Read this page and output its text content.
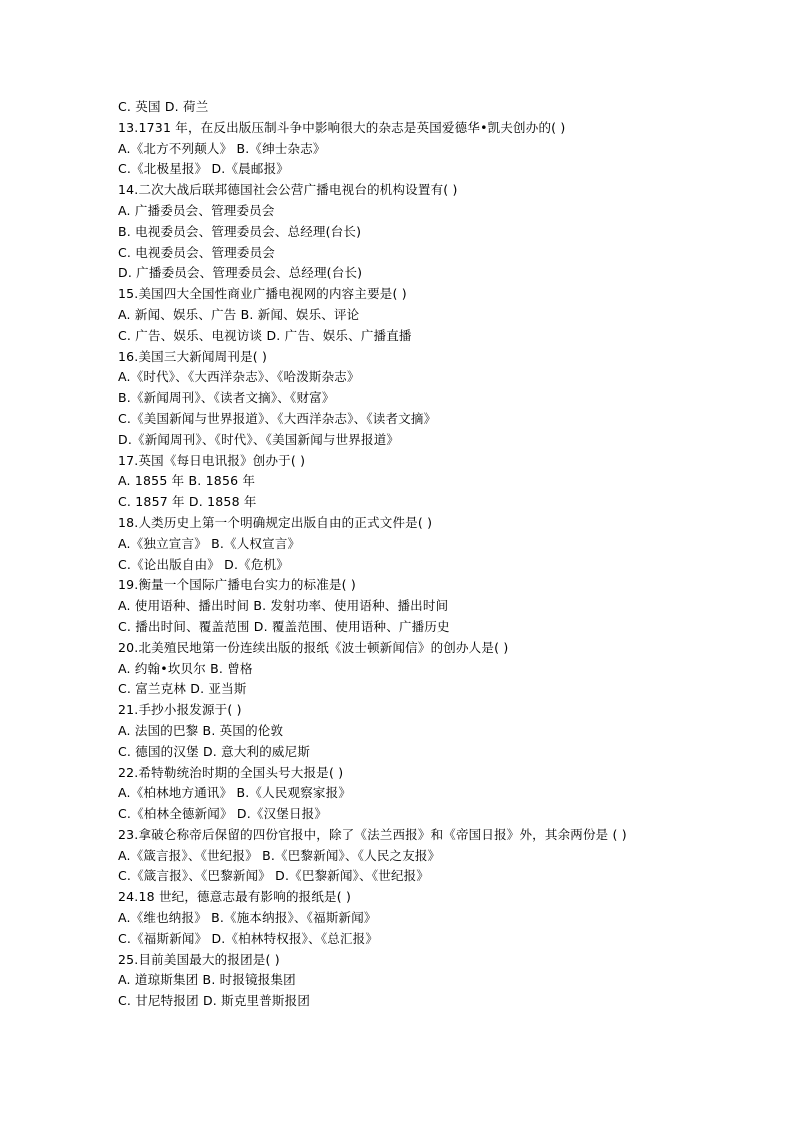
C. 英国 D. 荷兰
13.1731 年，在反出版压制斗争中影响很大的杂志是英国爱德华•凯夫创办的( )
A.《北方不列颠人》 B.《绅士杂志》
C.《北极星报》 D.《晨邮报》
14.二次大战后联邦德国社会公营广播电视台的机构设置有( )
A. 广播委员会、管理委员会
B. 电视委员会、管理委员会、总经理(台长)
C. 电视委员会、管理委员会
D. 广播委员会、管理委员会、总经理(台长)
15.美国四大全国性商业广播电视网的内容主要是( )
A. 新闻、娱乐、广告 B. 新闻、娱乐、评论
C. 广告、娱乐、电视访谈 D. 广告、娱乐、广播直播
16.美国三大新闻周刊是( )
A.《时代》、《大西洋杂志》、《哈泼斯杂志》
B.《新闻周刊》、《读者文摘》、《财富》
C.《美国新闻与世界报道》、《大西洋杂志》、《读者文摘》
D.《新闻周刊》、《时代》、《美国新闻与世界报道》
17.英国《每日电讯报》创办于( )
A. 1855 年 B. 1856 年
C. 1857 年 D. 1858 年
18.人类历史上第一个明确规定出版自由的正式文件是( )
A.《独立宣言》 B.《人权宣言》
C.《论出版自由》 D.《危机》
19.衡量一个国际广播电台实力的标准是( )
A. 使用语种、播出时间 B. 发射功率、使用语种、播出时间
C. 播出时间、覆盖范围 D. 覆盖范围、使用语种、广播历史
20.北美殖民地第一份连续出版的报纸《波士顿新闻信》的创办人是( )
A. 约翰•坎贝尔 B. 曾格
C. 富兰克林 D. 亚当斯
21.手抄小报发源于( )
A. 法国的巴黎 B. 英国的伦敦
C. 德国的汉堡 D. 意大利的威尼斯
22.希特勒统治时期的全国头号大报是( )
A.《柏林地方通讯》 B.《人民观察家报》
C.《柏林全德新闻》 D.《汉堡日报》
23.拿破仑称帝后保留的四份官报中，除了《法兰西报》和《帝国日报》外，其余两份是 ( )
A.《箴言报》、《世纪报》 B.《巴黎新闻》、《人民之友报》
C.《箴言报》、《巴黎新闻》 D.《巴黎新闻》、《世纪报》
24.18 世纪，德意志最有影响的报纸是( )
A.《维也纳报》 B.《施本纳报》、《福斯新闻》
C.《福斯新闻》 D.《柏林特权报》、《总汇报》
25.目前美国最大的报团是( )
A. 道琼斯集团 B. 时报镜报集团
C. 甘尼特报团 D. 斯克里普斯报团
